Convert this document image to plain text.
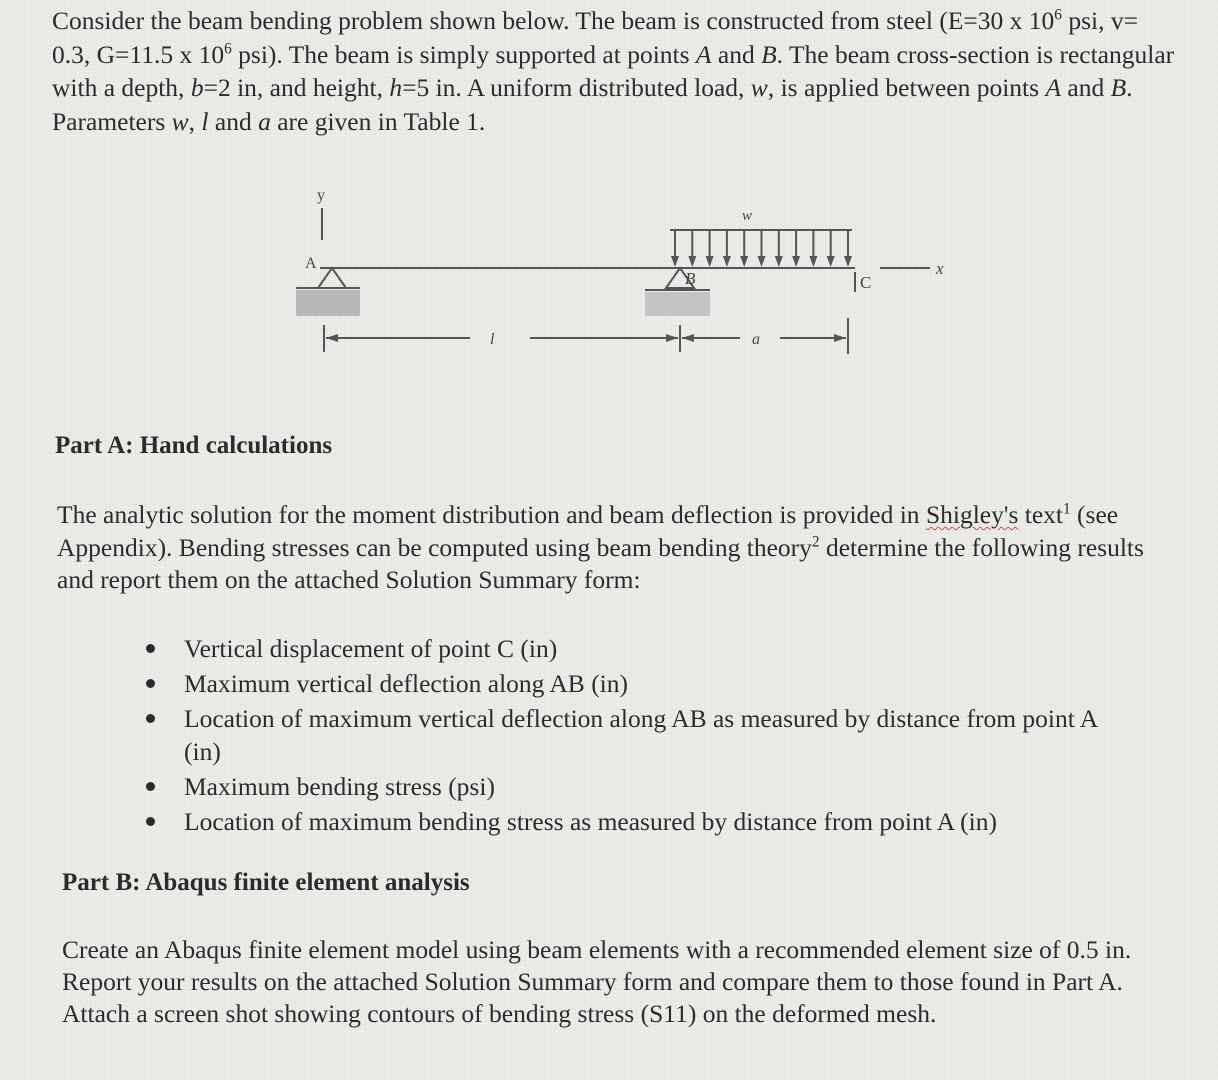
Consider the beam bending problem shown below. The beam is constructed from steel (E=30 x $10^6$ psi, v= 0.3, G=11.5 x $10^6$ psi). The beam is simply supported at points A and B. The beam cross-section is rectangular with a depth, b=2 in, and height, h=5 in. A uniform distributed load, w, is applied between points A and B. Parameters w, l and a are given in Table 1.

y
A
w
B	C
x
l	a

Part A: Hand calculations

The analytic solution for the moment distribution and beam deflection is provided in Shigley's text$^1$ (see Appendix). Bending stresses can be computed using beam bending theory$^2$ determine the following results and report them on the attached Solution Summary form:

Vertical displacement of point C (in)
Maximum vertical deflection along AB (in)
Location of maximum vertical deflection along AB as measured by distance from point A (in)
Maximum bending stress (psi)
Location of maximum bending stress as measured by distance from point A (in)

Part B: Abaqus finite element analysis

Create an Abaqus finite element model using beam elements with a recommended element size of 0.5 in. Report your results on the attached Solution Summary form and compare them to those found in Part A. Attach a screen shot showing contours of bending stress (S11) on the deformed mesh.
